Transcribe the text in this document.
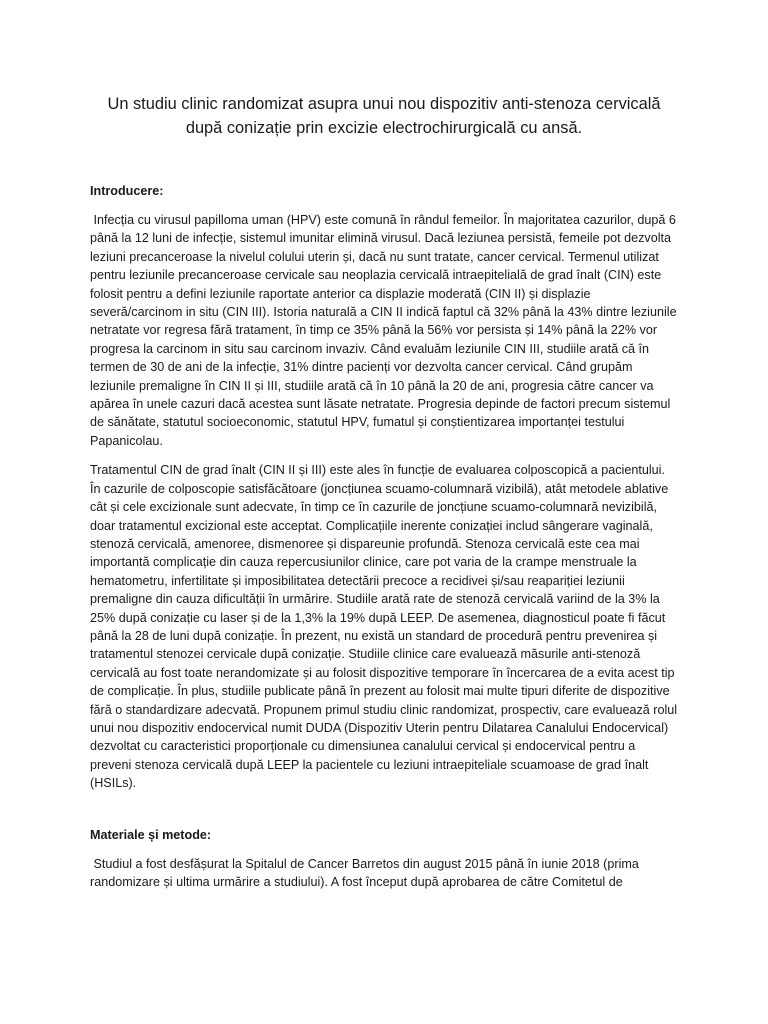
Un studiu clinic randomizat asupra unui nou dispozitiv anti-stenoza cervicală după conizație prin excizie electrochirurgicală cu ansă.
Introducere:

Infecția cu virusul papilloma uman (HPV) este comună în rândul femeilor. În majoritatea cazurilor, după 6 până la 12 luni de infecție, sistemul imunitar elimină virusul. Dacă leziunea persistă, femeile pot dezvolta leziuni precanceroase la nivelul colului uterin și, dacă nu sunt tratate, cancer cervical. Termenul utilizat pentru leziunile precanceroase cervicale sau neoplazia cervicală intraepitelială de grad înalt (CIN) este folosit pentru a defini leziunile raportate anterior ca displazie moderată (CIN II) și displazie severă/carcinom in situ (CIN III). Istoria naturală a CIN II indică faptul că 32% până la 43% dintre leziunile netratate vor regresa fără tratament, în timp ce 35% până la 56% vor persista și 14% până la 22% vor progresa la carcinom in situ sau carcinom invaziv. Când evaluăm leziunile CIN III, studiile arată că în termen de 30 de ani de la infecție, 31% dintre pacienți vor dezvolta cancer cervical. Când grupăm leziunile premaligne în CIN II și III, studiile arată că în 10 până la 20 de ani, progresia către cancer va apărea în unele cazuri dacă acestea sunt lăsate netratate. Progresia depinde de factori precum sistemul de sănătate, statutul socioeconomic, statutul HPV, fumatul și conștientizarea importanței testului Papanicolau.

Tratamentul CIN de grad înalt (CIN II și III) este ales în funcție de evaluarea colposcopică a pacientului. În cazurile de colposcopie satisfăcătoare (joncțiunea scuamo-columnară vizibilă), atât metodele ablative cât și cele excizionale sunt adecvate, în timp ce în cazurile de joncțiune scuamo-columnară nevizibilă, doar tratamentul excizional este acceptat. Complicațiile inerente conizației includ sângerare vaginală, stenoză cervicală, amenoree, dismenoree și dispareunie profundă. Stenoza cervicală este cea mai importantă complicație din cauza repercusiunilor clinice, care pot varia de la crampe menstruale la hematometru, infertilitate și imposibilitatea detectării precoce a recidivei și/sau reapariției leziunii premaligne din cauza dificultății în urmărire. Studiile arată rate de stenoză cervicală variind de la 3% la 25% după conizație cu laser și de la 1,3% la 19% după LEEP. De asemenea, diagnosticul poate fi făcut până la 28 de luni după conizație. În prezent, nu există un standard de procedură pentru prevenirea și tratamentul stenozei cervicale după conizație. Studiile clinice care evaluează măsurile anti-stenoză cervicală au fost toate nerandomizate și au folosit dispozitive temporare în încercarea de a evita acest tip de complicație. În plus, studiile publicate până în prezent au folosit mai multe tipuri diferite de dispozitive fără o standardizare adecvată. Propunem primul studiu clinic randomizat, prospectiv, care evaluează rolul unui nou dispozitiv endocervical numit DUDA (Dispozitiv Uterin pentru Dilatarea Canalului Endocervical) dezvoltat cu caracteristici proporționale cu dimensiunea canalului cervical și endocervical pentru a preveni stenoza cervicală după LEEP la pacientele cu leziuni intraepiteliale scuamoase de grad înalt (HSILs).

Materiale și metode:

Studiul a fost desfășurat la Spitalul de Cancer Barretos din august 2015 până în iunie 2018 (prima randomizare și ultima urmărire a studiului). A fost început după aprobarea de către Comitetul de
